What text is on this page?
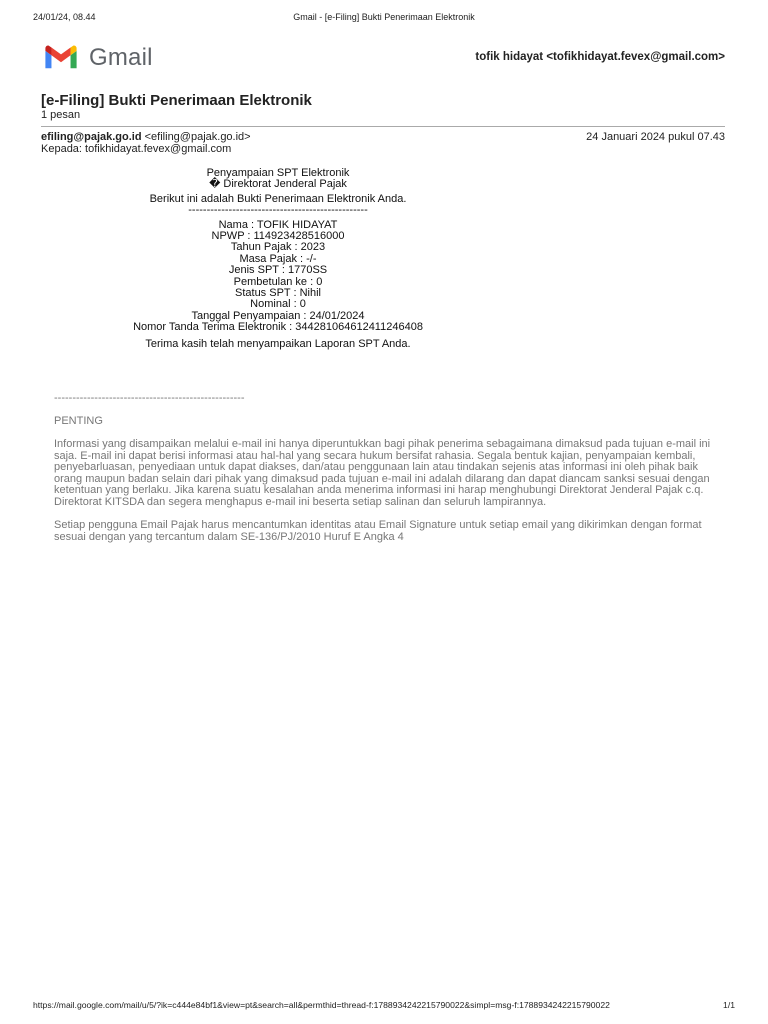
24/01/24, 08.44	Gmail - [e-Filing] Bukti Penerimaan Elektronik
Gmail	tofik hidayat <tofikhidayat.fevex@gmail.com>
[e-Filing] Bukti Penerimaan Elektronik
1 pesan
efiling@pajak.go.id <efiling@pajak.go.id>	24 Januari 2024 pukul 07.43
Kepada: tofikhidayat.fevex@gmail.com
Penyampaian SPT Elektronik
� Direktorat Jenderal Pajak
Berikut ini adalah Bukti Penerimaan Elektronik Anda.
-------------------------------------------------
Nama : TOFIK HIDAYAT
NPWP : 114923428516000
Tahun Pajak : 2023
Masa Pajak : -/-
Jenis SPT : 1770SS
Pembetulan ke : 0
Status SPT : Nihil
Nominal : 0
Tanggal Penyampaian : 24/01/2024
Nomor Tanda Terima Elektronik : 344281064612411246408
Terima kasih telah menyampaikan Laporan SPT Anda.
----------------------------------------------------
PENTING

Informasi yang disampaikan melalui e-mail ini hanya diperuntukkan bagi pihak penerima sebagaimana dimaksud pada tujuan e-mail ini saja. E-mail ini dapat berisi informasi atau hal-hal yang secara hukum bersifat rahasia. Segala bentuk kajian, penyampaian kembali, penyebarluasan, penyediaan untuk dapat diakses, dan/atau penggunaan lain atau tindakan sejenis atas informasi ini oleh pihak baik orang maupun badan selain dari pihak yang dimaksud pada tujuan e-mail ini adalah dilarang dan dapat diancam sanksi sesuai dengan ketentuan yang berlaku. Jika karena suatu kesalahan anda menerima informasi ini harap menghubungi Direktorat Jenderal Pajak c.q. Direktorat KITSDA dan segera menghapus e-mail ini beserta setiap salinan dan seluruh lampirannya.

Setiap pengguna Email Pajak harus mencantumkan identitas atau Email Signature untuk setiap email yang dikirimkan dengan format sesuai dengan yang tercantum dalam SE-136/PJ/2010 Huruf E Angka 4

https://mail.google.com/mail/u/5/?ik=c444e84bf1&view=pt&search=all&permthid=thread-f:1788934242215790022&simpl=msg-f:1788934242215790022	1/1
